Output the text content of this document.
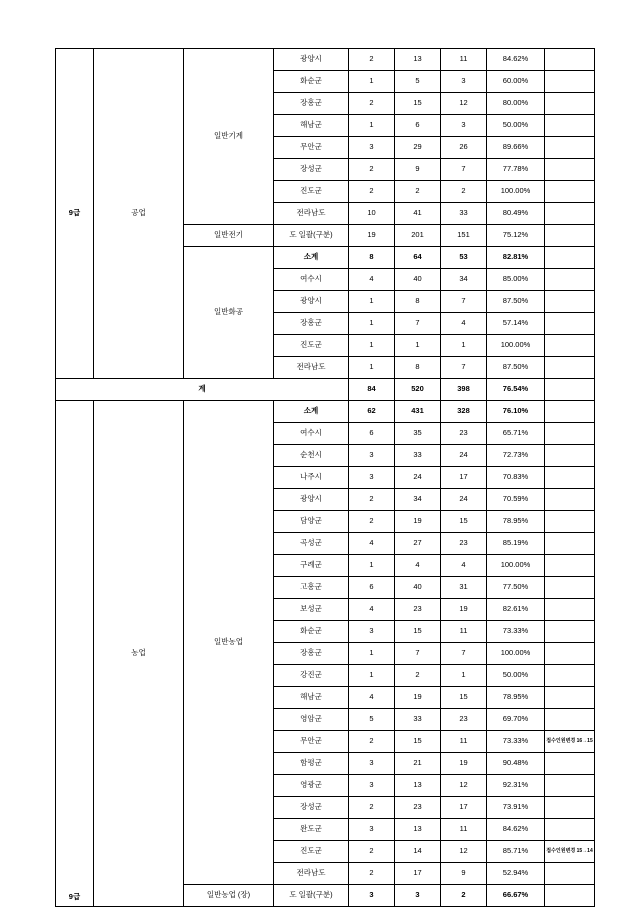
9급	공업	일반기계	광양시	2	13	11	84.62%	
			화순군	1	5	3	60.00%	
			장흥군	2	15	12	80.00%	
			해남군	1	6	3	50.00%	
			무안군	3	29	26	89.66%	
			장성군	2	9	7	77.78%	
			진도군	2	2	2	100.00%	
			전라남도	10	41	33	80.49%	
		일반전기	도 일괄(구분)	19	201	151	75.12%	
		일반화공	소계	8	64	53	82.81%	
			여수시	4	40	34	85.00%	
			광양시	1	8	7	87.50%	
			장흥군	1	7	4	57.14%	
			진도군	1	1	1	100.00%	
			전라남도	1	8	7	87.50%	
계				84	520	398	76.54%	
9급	농업	일반농업	소계	62	431	328	76.10%	
			여수시	6	35	23	65.71%	
			순천시	3	33	24	72.73%	
			나주시	3	24	17	70.83%	
			광양시	2	34	24	70.59%	
			담양군	2	19	15	78.95%	
			곡성군	4	27	23	85.19%	
			구례군	1	4	4	100.00%	
			고흥군	6	40	31	77.50%	
			보성군	4	23	19	82.61%	
			화순군	3	15	11	73.33%	
			장흥군	1	7	7	100.00%	
			강진군	1	2	1	50.00%	
			해남군	4	19	15	78.95%	
			영암군	5	33	23	69.70%	
			무안군	2	15	11	73.33%	접수인원변경 16→15
			함평군	3	21	19	90.48%	
			영광군	3	13	12	92.31%	
			장성군	2	23	17	73.91%	
			완도군	3	13	11	84.62%	
			진도군	2	14	12	85.71%	접수인원변경 15→14
			전라남도	2	17	9	52.94%	
		일반농업 (장)	도 일괄(구분)	3	3	2	66.67%	
